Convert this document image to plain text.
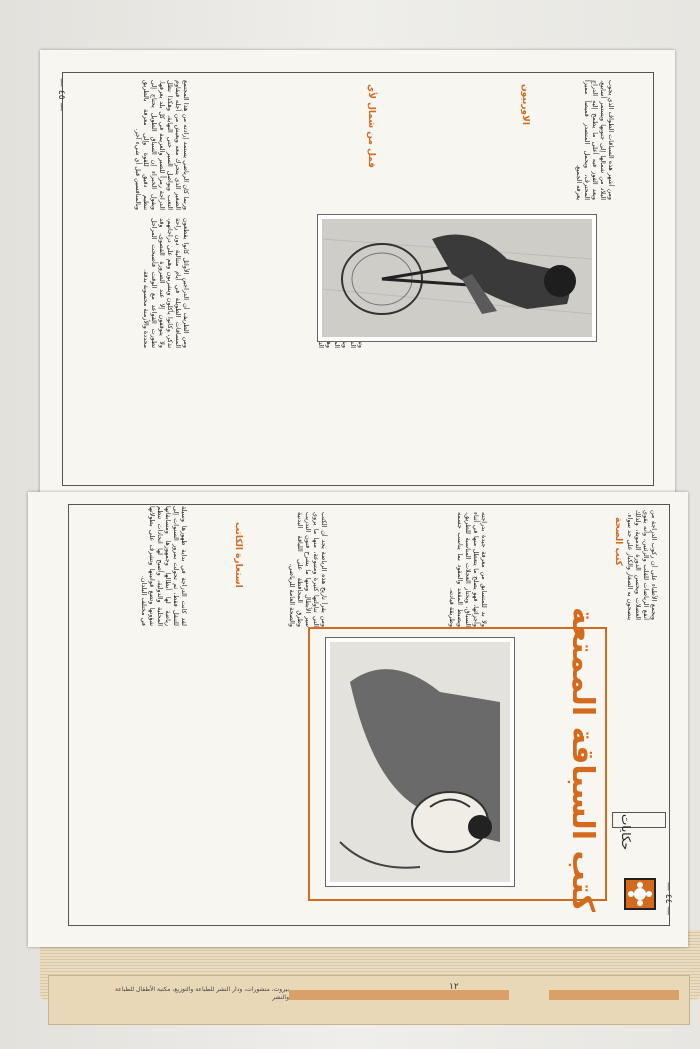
١٢
بيروت، منشورات، ودار النشر للطباعة والتوزيع، مكتبة الأطفال للطباعة والنشر
— ٤٥ —	وربما كان الرياضي يستمد إرادته من هذا المجتمع الصغير الذي يتحرك معه ويعيش من أجله فيقاوم التعب ويواصل السير حتى النهاية، وهكذا تظل الدراجة رمزاً للصبر والعزيمة في كل بلد يعرفها. ويقول الخبراء إن السباق الطويل يحتاج إلى تنظيم دقيق للقوة وإلى معرفة بالطريق وبالمنافسين قبل أي شيء آخر.
ومن الطريف أن الدراجين الأوائل كانوا يقطعون المسافات الطويلة في أيام متتالية دون راحة تذكر، وكانوا يأكلون ويشربون وهم على دراجاتهم، ولا يتوقفون إلا عند الضرورة القصوى. وقد تطورت القواعد مع الوقت فأصبحت المراحل محددة والأزمنة محسوبة بدقة.
قمل من شمال لأي	الاوربيون	ومن أشهر هذه السباقات الطواف الذي يجوب البلاد من شمالها إلى جنوبها ويستمر أسابيع، ويعد الفوز فيه أعلى ما يطمح إليه الدراج المحترف، ويحمل المتصدر قميصاً مميزاً يعرفه الجميع.
لقد كانت الدراجة في بداية ظهورها وسيلة للتنقل فقط، ثم تحولت بمرور السنوات إلى رياضة لها أبطالها وجمهورها ومسابقاتها المحلية والدولية، وأصبح لها اتحادات تنظم شؤونها وتضع قوانينها وتشرف على بطولاتها في مختلف البلدان.
استعارة الكاتب	ومن يقرأ تاريخ هذه الرياضة يجد أن الكتب التي تناولتها كثيرة ومتنوعة، منها ما يروي سير الأبطال ومنها ما يشرح فنون التدريب وطرق المحافظة على اللياقة البدنية والصحة العامة للرياضي.	ولا بد للمتسابق من معرفة جيدة بدراجته وأجزائها، فهو يصلح ما يتعطل منها في أثناء السباق، ويختار العجلات المناسبة للطريق، ويضبط المقعد والمقود بما يناسب جسمه وطريقة قيادته.
كتب الصحة	ويجمع الأطباء على أن ركوب الدراجة من أنفع الرياضات للقلب والرئتين، وأنه يقوي العضلات ويحسن الدورة الدموية، ولذلك ينصحون به الصغار والكبار على حد سواء.
حكايات
كتب السباقة الممتعة	— ٤٤ —
